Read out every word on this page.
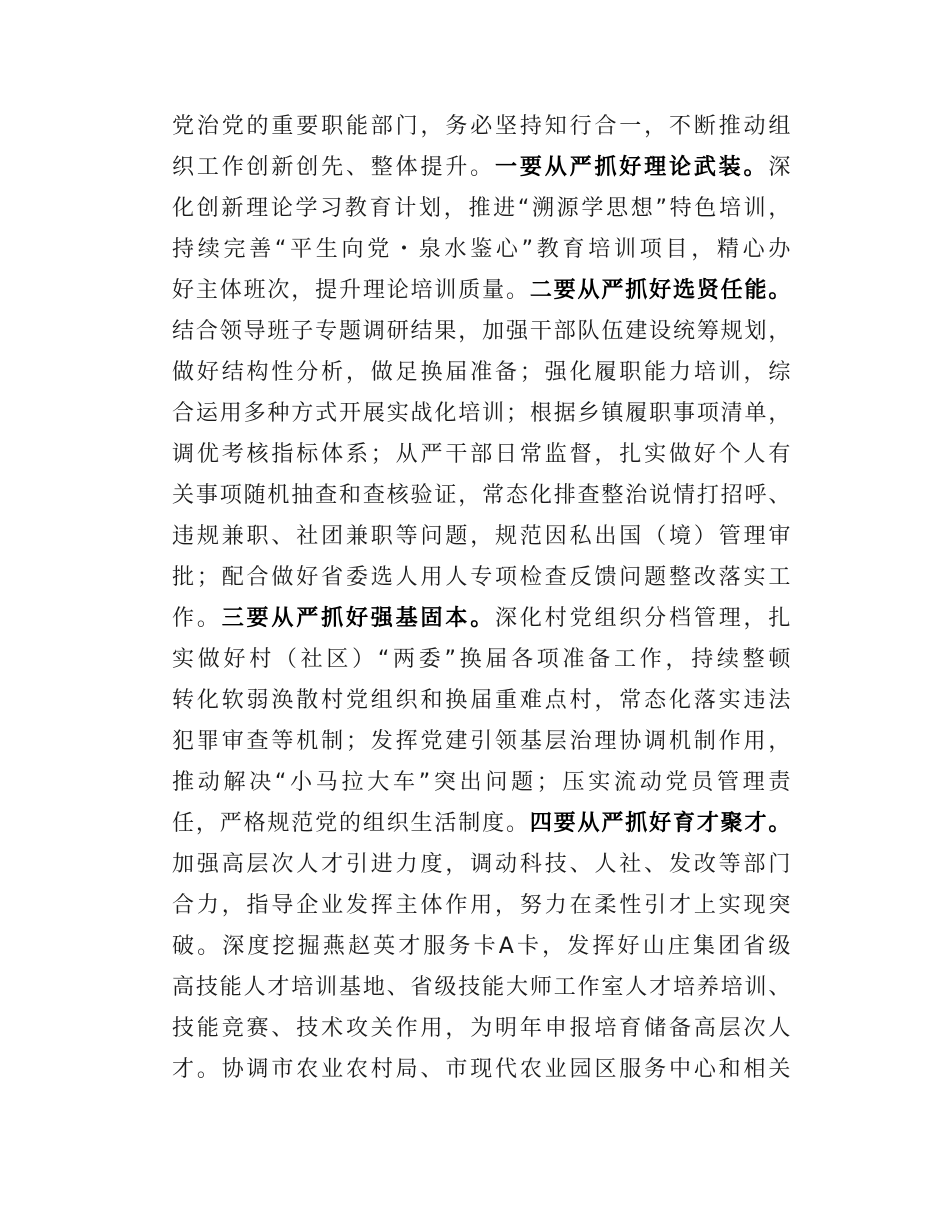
党治党的重要职能部门，务必坚持知行合一，不断推动组
织工作创新创先、整体提升。一要从严抓好理论武装。深
化创新理论学习教育计划，推进“溯源学思想”特色培训，
持续完善“平生向党・泉水鉴心”教育培训项目，精心办
好主体班次，提升理论培训质量。二要从严抓好选贤任能。
结合领导班子专题调研结果，加强干部队伍建设统筹规划，
做好结构性分析，做足换届准备；强化履职能力培训，综
合运用多种方式开展实战化培训；根据乡镇履职事项清单，
调优考核指标体系；从严干部日常监督，扎实做好个人有
关事项随机抽查和查核验证，常态化排查整治说情打招呼、
违规兼职、社团兼职等问题，规范因私出国（境）管理审
批；配合做好省委选人用人专项检查反馈问题整改落实工
作。三要从严抓好强基固本。深化村党组织分档管理，扎
实做好村（社区）“两委”换届各项准备工作，持续整顿
转化软弱涣散村党组织和换届重难点村，常态化落实违法
犯罪审查等机制；发挥党建引领基层治理协调机制作用，
推动解决“小马拉大车”突出问题；压实流动党员管理责
任，严格规范党的组织生活制度。四要从严抓好育才聚才。
加强高层次人才引进力度，调动科技、人社、发改等部门
合力，指导企业发挥主体作用，努力在柔性引才上实现突
破。深度挖掘燕赵英才服务卡A卡，发挥好山庄集团省级
高技能人才培训基地、省级技能大师工作室人才培养培训、
技能竞赛、技术攻关作用，为明年申报培育储备高层次人
才。协调市农业农村局、市现代农业园区服务中心和相关
